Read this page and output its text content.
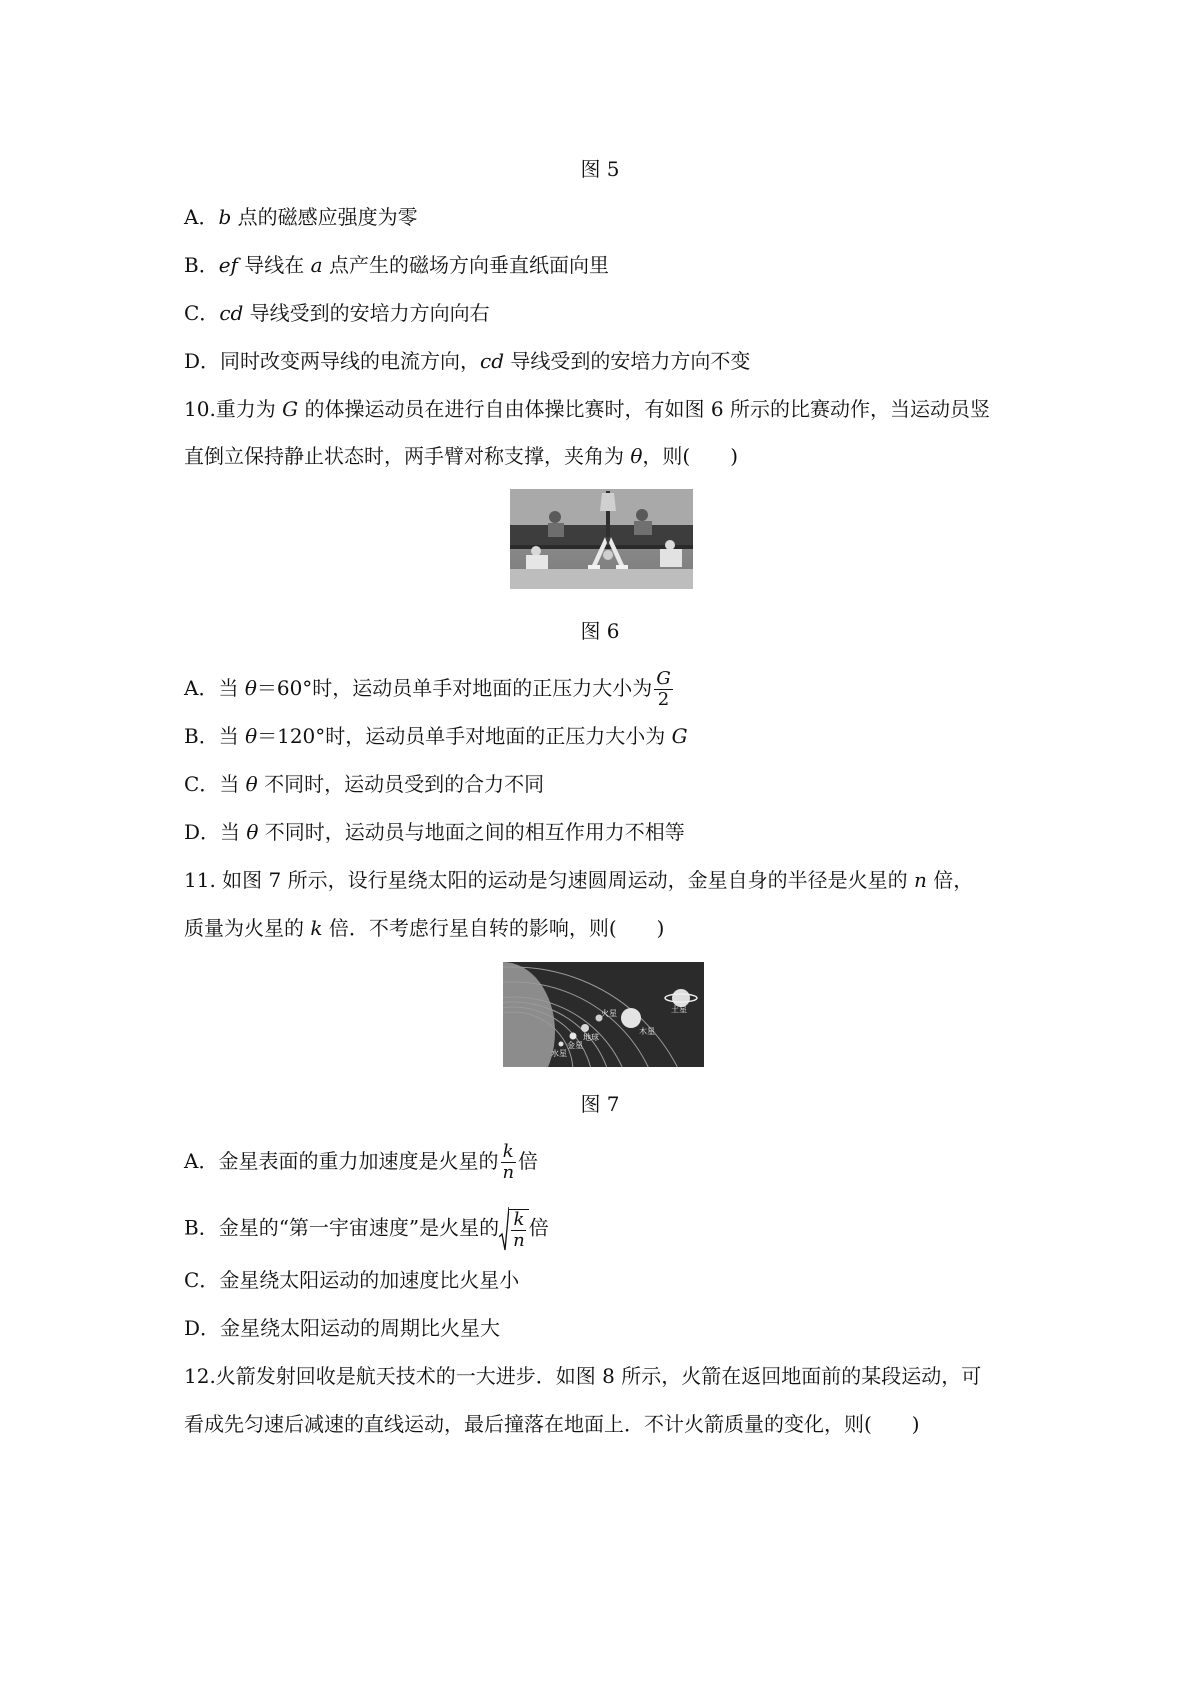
图 5
A．b 点的磁感应强度为零
B．ef 导线在 a 点产生的磁场方向垂直纸面向里
C．cd 导线受到的安培力方向向右
D．同时改变两导线的电流方向，cd 导线受到的安培力方向不变
10.重力为 G 的体操运动员在进行自由体操比赛时，有如图 6 所示的比赛动作，当运动员竖
直倒立保持静止状态时，两手臂对称支撑，夹角为 θ，则(　　)
图 6
A．当 θ＝60°时，运动员单手对地面的正压力大小为 $\frac{G}{2}$
B．当 θ＝120°时，运动员单手对地面的正压力大小为 G
C．当 θ 不同时，运动员受到的合力不同
D．当 θ 不同时，运动员与地面之间的相互作用力不相等
11. 如图 7 所示，设行星绕太阳的运动是匀速圆周运动，金星自身的半径是火星的 n 倍，
质量为火星的 k 倍．不考虑行星自转的影响，则(　　)
水星
金星
地球
火星
木星
土星
图 7
A．金星表面的重力加速度是火星的 $\frac{k}{n}$ 倍
B．金星的“第一宇宙速度”是火星的 $\frac{k}{n}$ 倍
C．金星绕太阳运动的加速度比火星小
D．金星绕太阳运动的周期比火星大
12.火箭发射回收是航天技术的一大进步．如图 8 所示，火箭在返回地面前的某段运动，可
看成先匀速后减速的直线运动，最后撞落在地面上．不计火箭质量的变化，则(　　)
